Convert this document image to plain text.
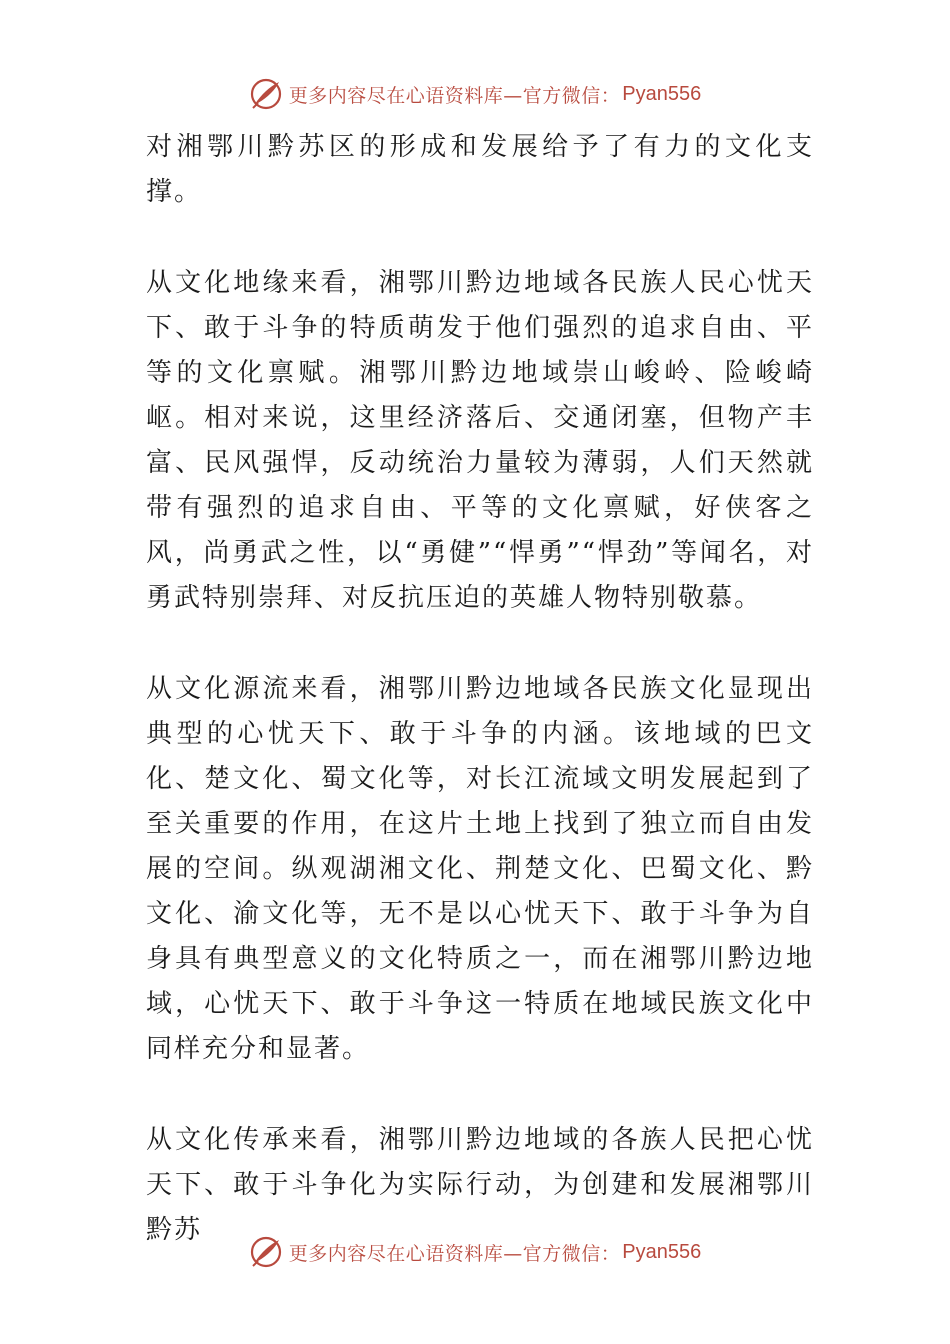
更多内容尽在心语资料库—官方微信： Pyan556

对湘鄂川黔苏区的形成和发展给予了有力的文化支撑。

从文化地缘来看，湘鄂川黔边地域各民族人民心忧天下、敢于斗争的特质萌发于他们强烈的追求自由、平等的文化禀赋。湘鄂川黔边地域崇山峻岭、险峻崎岖。相对来说，这里经济落后、交通闭塞，但物产丰富、民风强悍，反动统治力量较为薄弱，人们天然就带有强烈的追求自由、平等的文化禀赋，好侠客之风，尚勇武之性，以“勇健”“悍勇”“悍劲”等闻名，对勇武特别崇拜、对反抗压迫的英雄人物特别敬慕。

从文化源流来看，湘鄂川黔边地域各民族文化显现出典型的心忧天下、敢于斗争的内涵。该地域的巴文化、楚文化、蜀文化等，对长江流域文明发展起到了至关重要的作用，在这片土地上找到了独立而自由发展的空间。纵观湖湘文化、荆楚文化、巴蜀文化、黔文化、渝文化等，无不是以心忧天下、敢于斗争为自身具有典型意义的文化特质之一，而在湘鄂川黔边地域，心忧天下、敢于斗争这一特质在地域民族文化中同样充分和显著。

从文化传承来看，湘鄂川黔边地域的各族人民把心忧天下、敢于斗争化为实际行动，为创建和发展湘鄂川黔苏

更多内容尽在心语资料库—官方微信： Pyan556
